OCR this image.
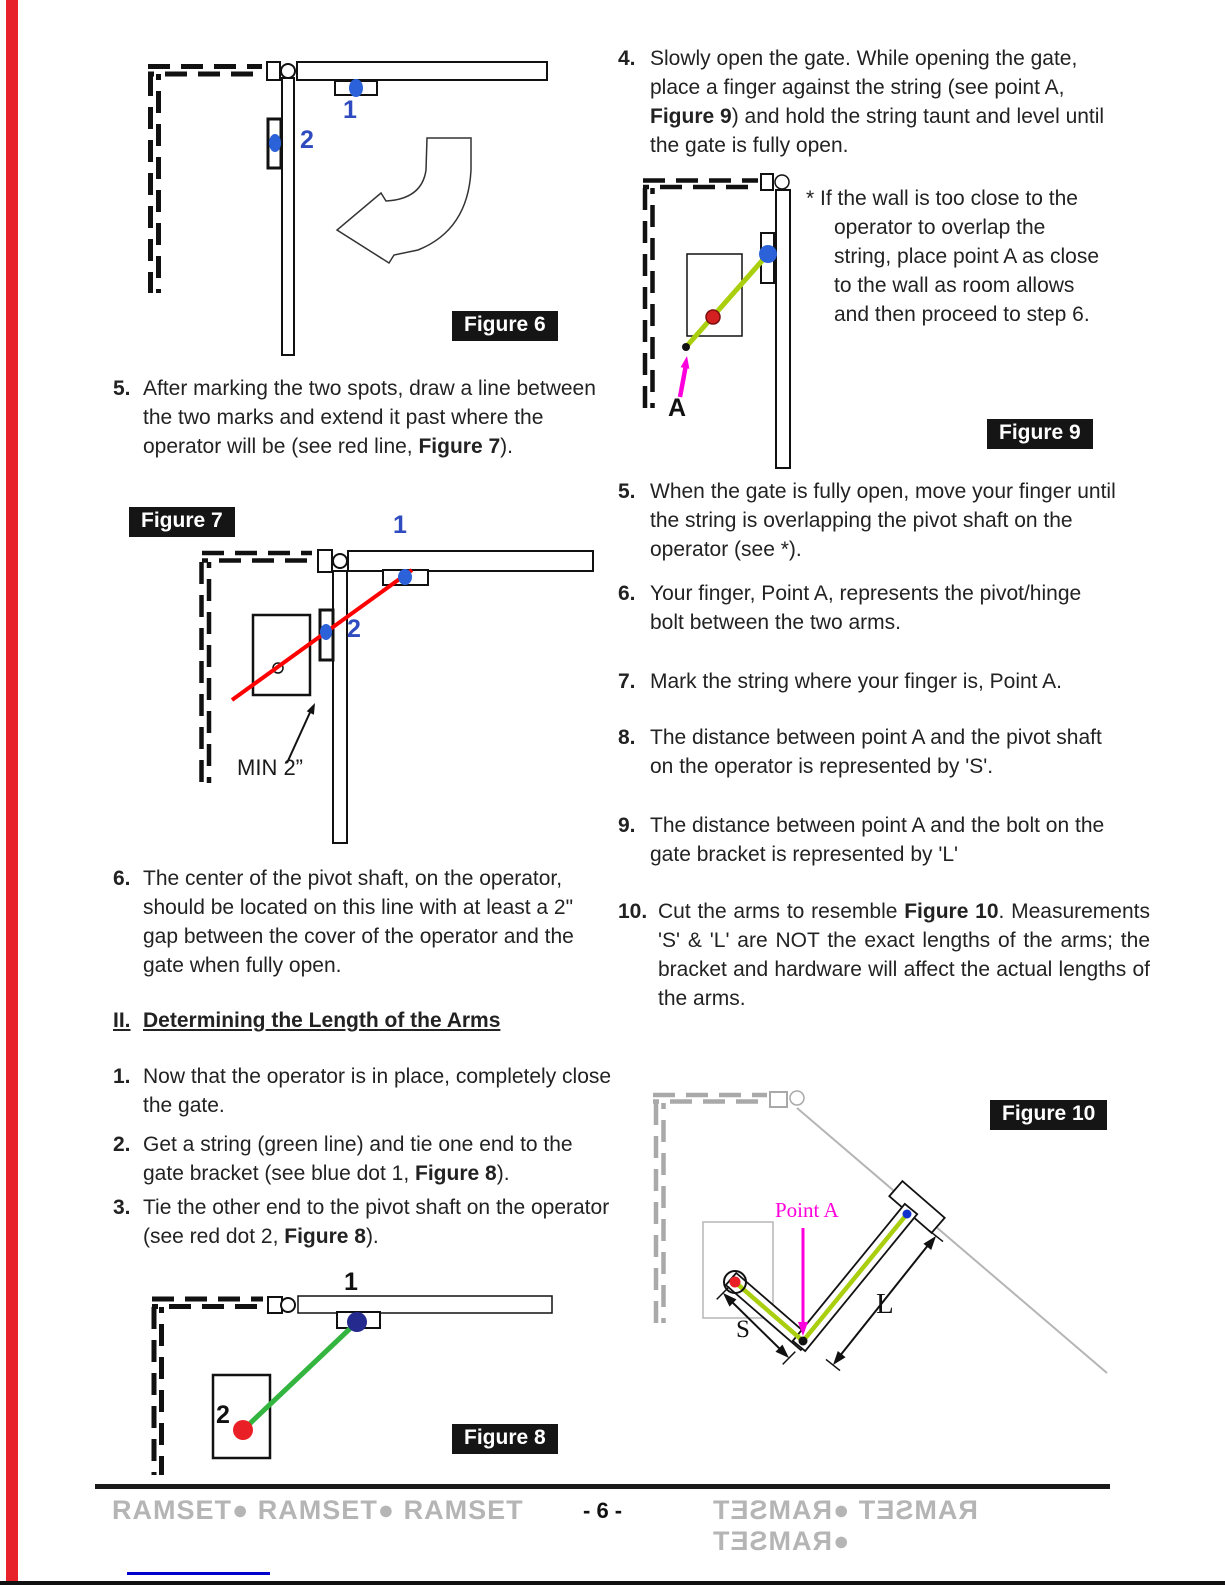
1
2
Figure 6
5. After marking the two spots, draw a line between the two marks and extend it past where the operator will be (see red line, Figure 7).
1
2
MIN 2”
Figure 7
6. The center of the pivot shaft, on the operator, should be located on this line with at least a 2" gap between the cover of the operator and the gate when fully open.
II. Determining the Length of the Arms
1. Now that the operator is in place, completely close the gate.
2. Get a string (green line) and tie one end to the gate bracket (see blue dot 1, Figure 8).
3. Tie the other end to the pivot shaft on the operator (see red dot 2, Figure 8).
1
2
Figure 8
4. Slowly open the gate. While opening the gate, place a finger against the string (see point A, Figure 9) and hold the string taunt and level until the gate is fully open.
A
* If the wall is too close to the operator to overlap the string, place point A as close to the wall as room allows and then proceed to step 6.
Figure 9
5. When the gate is fully open, move your finger until the string is overlapping the pivot shaft on the operator (see *).
6. Your finger, Point A, represents the pivot/hinge bolt between the two arms.
7. Mark the string where your finger is, Point A.
8. The distance between point A and the pivot shaft on the operator is represented by 'S'.
9. The distance between point A and the bolt on the gate bracket is represented by 'L'
10. Cut the arms to resemble Figure 10. Measurements 'S' & 'L' are NOT the exact lengths of the arms; the bracket and hardware will affect the actual lengths of the arms.
Point A
S
L
Figure 10
RAMSET● RAMSET● RAMSET	- 6 -	RAMSET ●RAMSET ●RAMSET
